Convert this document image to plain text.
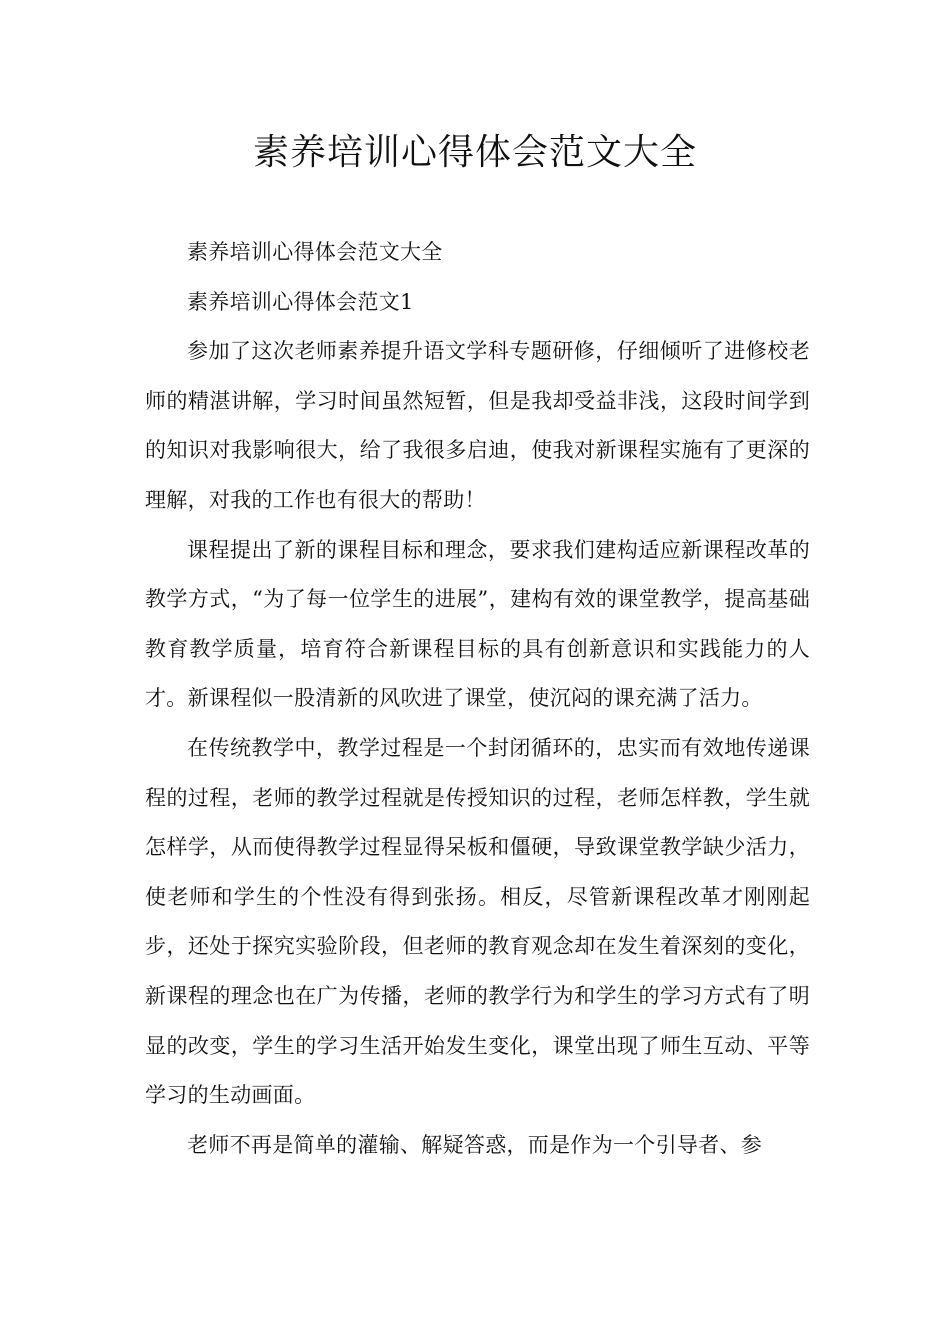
素养培训心得体会范文大全

素养培训心得体会范文大全

素养培训心得体会范文1

参加了这次老师素养提升语文学科专题研修，仔细倾听了进修校老师的精湛讲解，学习时间虽然短暂，但是我却受益非浅，这段时间学到的知识对我影响很大，给了我很多启迪，使我对新课程实施有了更深的理解，对我的工作也有很大的帮助！

课程提出了新的课程目标和理念，要求我们建构适应新课程改革的教学方式，“为了每一位学生的进展”，建构有效的课堂教学，提高基础教育教学质量，培育符合新课程目标的具有创新意识和实践能力的人才。新课程似一股清新的风吹进了课堂，使沉闷的课充满了活力。

在传统教学中，教学过程是一个封闭循环的，忠实而有效地传递课程的过程，老师的教学过程就是传授知识的过程，老师怎样教，学生就怎样学，从而使得教学过程显得呆板和僵硬，导致课堂教学缺少活力，使老师和学生的个性没有得到张扬。相反，尽管新课程改革才刚刚起步，还处于探究实验阶段，但老师的教育观念却在发生着深刻的变化，新课程的理念也在广为传播，老师的教学行为和学生的学习方式有了明显的改变，学生的学习生活开始发生变化，课堂出现了师生互动、平等学习的生动画面。

老师不再是简单的灌输、解疑答惑，而是作为一个引导者、参
